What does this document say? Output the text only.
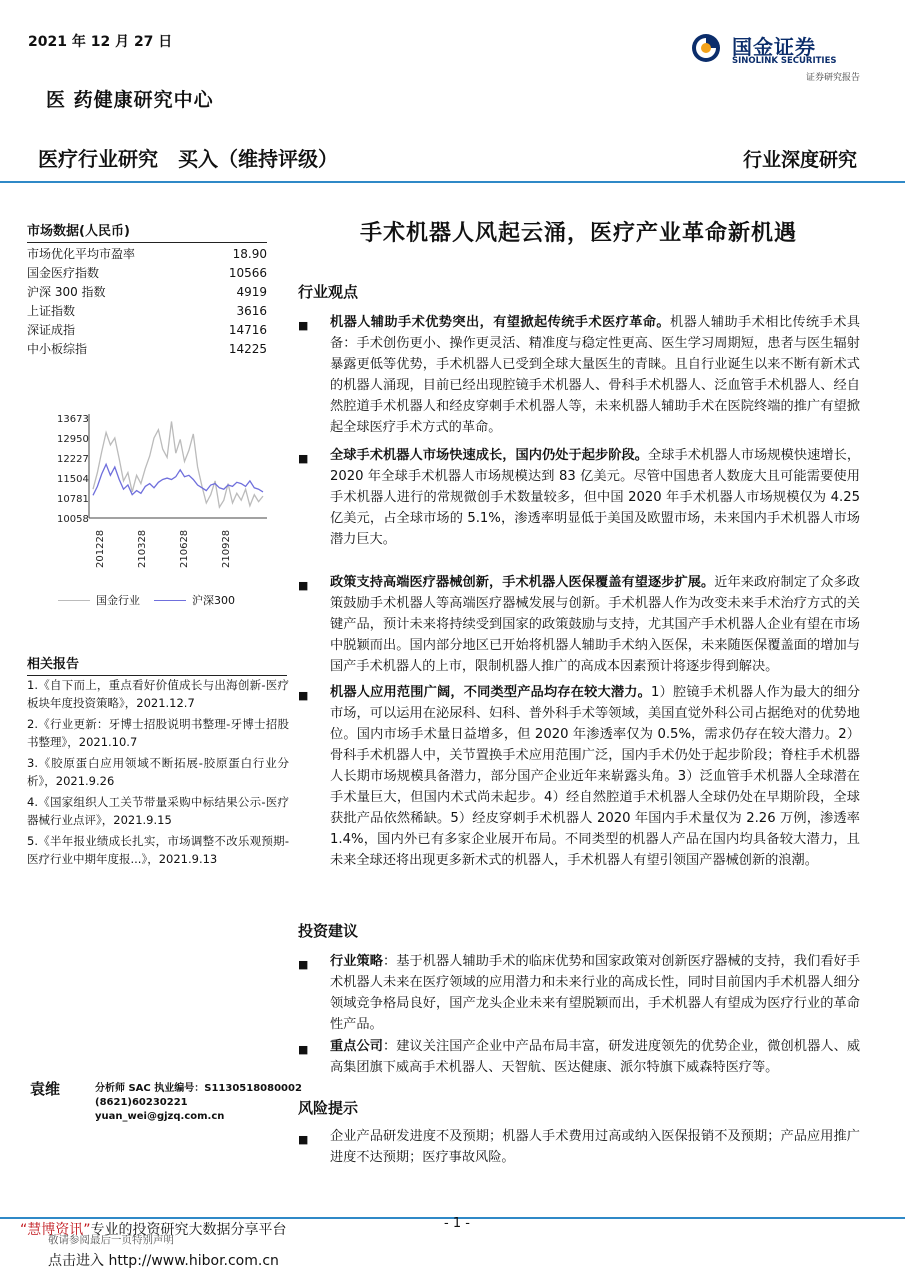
2021 年 12 月 27 日	国金证券
SINOLINK SECURITIES
证券研究报告
医 药健康研究中心
医疗行业研究 买入（维持评级）	行业深度研究
市场数据(人民币)
市场优化平均市盈率	18.90
国金医疗指数	10566
沪深 300 指数	4919
上证指数	3616
深证成指	14716
中小板综指	14225
13673
12950
12227
11504
10781
10058
201228	210328	210628	210928
国金行业	沪深300
相关报告
1.《自下而上，重点看好价值成长与出海创新-医疗板块年度投资策略》，2021.12.7
2.《行业更新：牙博士招股说明书整理-牙博士招股书整理》，2021.10.7
3.《胶原蛋白应用领域不断拓展-胶原蛋白行业分析》，2021.9.26
4.《国家组织人工关节带量采购中标结果公示-医疗器械行业点评》，2021.9.15
5.《半年报业绩成长扎实，市场调整不改乐观预期-医疗行业中期年度报...》，2021.9.13
袁维	分析师 SAC 执业编号：S1130518080002
(8621)60230221
yuan_wei@gjzq.com.cn
手术机器人风起云涌，医疗产业革命新机遇
行业观点
■ 机器人辅助手术优势突出，有望掀起传统手术医疗革命。机器人辅助手术相比传统手术具备：手术创伤更小、操作更灵活、精准度与稳定性更高、医生学习周期短，患者与医生辐射暴露更低等优势，手术机器人已受到全球大量医生的青睐。且自行业诞生以来不断有新术式的机器人涌现，目前已经出现腔镜手术机器人、骨科手术机器人、泛血管手术机器人、经自然腔道手术机器人和经皮穿刺手术机器人等，未来机器人辅助手术在医院终端的推广有望掀起全球医疗手术方式的革命。
■ 全球手术机器人市场快速成长，国内仍处于起步阶段。全球手术机器人市场规模快速增长，2020 年全球手术机器人市场规模达到 83 亿美元。尽管中国患者人数庞大且可能需要使用手术机器人进行的常规微创手术数量较多，但中国 2020 年手术机器人市场规模仅为 4.25 亿美元，占全球市场的 5.1%，渗透率明显低于美国及欧盟市场，未来国内手术机器人市场潜力巨大。
■ 政策支持高端医疗器械创新，手术机器人医保覆盖有望逐步扩展。近年来政府制定了众多政策鼓励手术机器人等高端医疗器械发展与创新。手术机器人作为改变未来手术治疗方式的关键产品，预计未来将持续受到国家的政策鼓励与支持，尤其国产手术机器人企业有望在市场中脱颖而出。国内部分地区已开始将机器人辅助手术纳入医保，未来随医保覆盖面的增加与国产手术机器人的上市，限制机器人推广的高成本因素预计将逐步得到解决。
■ 机器人应用范围广阔，不同类型产品均存在较大潜力。1）腔镜手术机器人作为最大的细分市场，可以运用在泌尿科、妇科、普外科手术等领域，美国直觉外科公司占据绝对的优势地位。国内市场手术量日益增多，但 2020 年渗透率仅为 0.5%，需求仍存在较大潜力。2）骨科手术机器人中，关节置换手术应用范围广泛，国内手术仍处于起步阶段；脊柱手术机器人长期市场规模具备潜力，部分国产企业近年来崭露头角。3）泛血管手术机器人全球潜在手术量巨大，但国内术式尚未起步。4）经自然腔道手术机器人全球仍处在早期阶段，全球获批产品依然稀缺。5）经皮穿刺手术机器人 2020 年国内手术量仅为 2.26 万例，渗透率 1.4%，国内外已有多家企业展开布局。不同类型的机器人产品在国内均具备较大潜力，且未来全球还将出现更多新术式的机器人，手术机器人有望引领国产器械创新的浪潮。
投资建议
■ 行业策略：基于机器人辅助手术的临床优势和国家政策对创新医疗器械的支持，我们看好手术机器人未来在医疗领域的应用潜力和未来行业的高成长性，同时目前国内手术机器人细分领域竞争格局良好，国产龙头企业未来有望脱颖而出，手术机器人有望成为医疗行业的革命性产品。
■ 重点公司：建议关注国产企业中产品布局丰富，研发进度领先的优势企业，微创机器人、威高集团旗下威高手术机器人、天智航、医达健康、派尔特旗下威森特医疗等。
风险提示
■ 企业产品研发进度不及预期；机器人手术费用过高或纳入医保报销不及预期；产品应用推广进度不达预期；医疗事故风险。
“慧博资讯”专业的投资研究大数据分享平台
敬请参阅最后一页特别声明
点击进入 http://www.hibor.com.cn
- 1 -
